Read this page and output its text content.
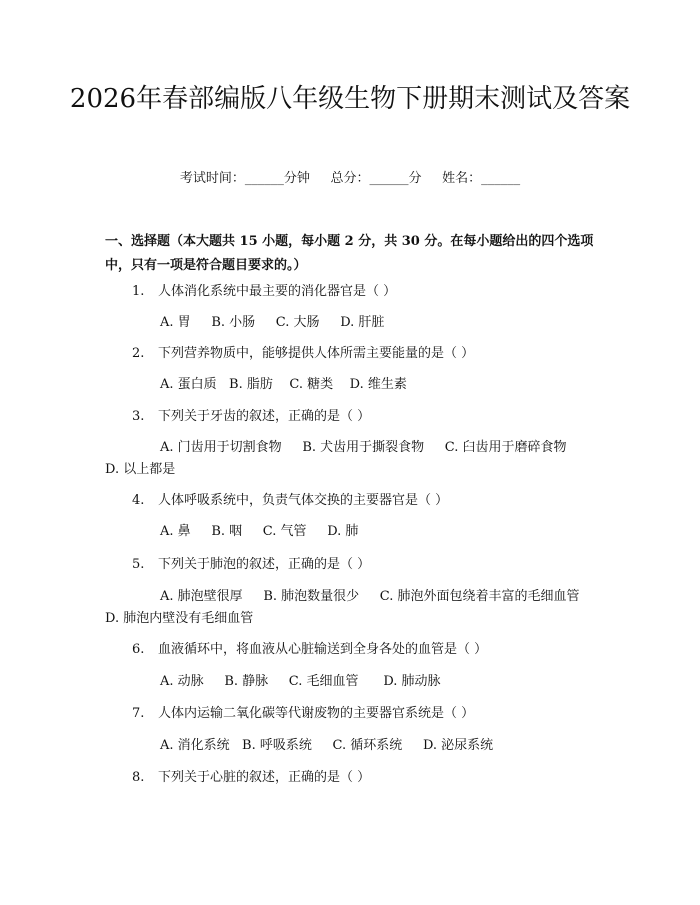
2026年春部编版八年级生物下册期末测试及答案
考试时间：______分钟     总分：______分     姓名：______
一、选择题（本大题共 15 小题，每小题 2 分，共 30 分。在每小题给出的四个选项中，只有一项是符合题目要求的。）
1. 人体消化系统中最主要的消化器官是（ ）
A. 胃     B. 小肠     C. 大肠     D. 肝脏
2. 下列营养物质中，能够提供人体所需主要能量的是（ ）
A. 蛋白质   B. 脂肪    C. 糖类    D. 维生素
3. 下列关于牙齿的叙述，正确的是（ ）
A. 门齿用于切割食物     B. 犬齿用于撕裂食物     C. 臼齿用于磨碎食物    D. 以上都是
4. 人体呼吸系统中，负责气体交换的主要器官是（ ）
A. 鼻     B. 咽     C. 气管     D. 肺
5. 下列关于肺泡的叙述，正确的是（ ）
A. 肺泡壁很厚     B. 肺泡数量很少     C. 肺泡外面包绕着丰富的毛细血管    D. 肺泡内壁没有毛细血管
6. 血液循环中，将血液从心脏输送到全身各处的血管是（ ）
A. 动脉     B. 静脉     C. 毛细血管      D. 肺动脉
7. 人体内运输二氧化碳等代谢废物的主要器官系统是（ ）
A. 消化系统   B. 呼吸系统     C. 循环系统     D. 泌尿系统
8. 下列关于心脏的叙述，正确的是（ ）
